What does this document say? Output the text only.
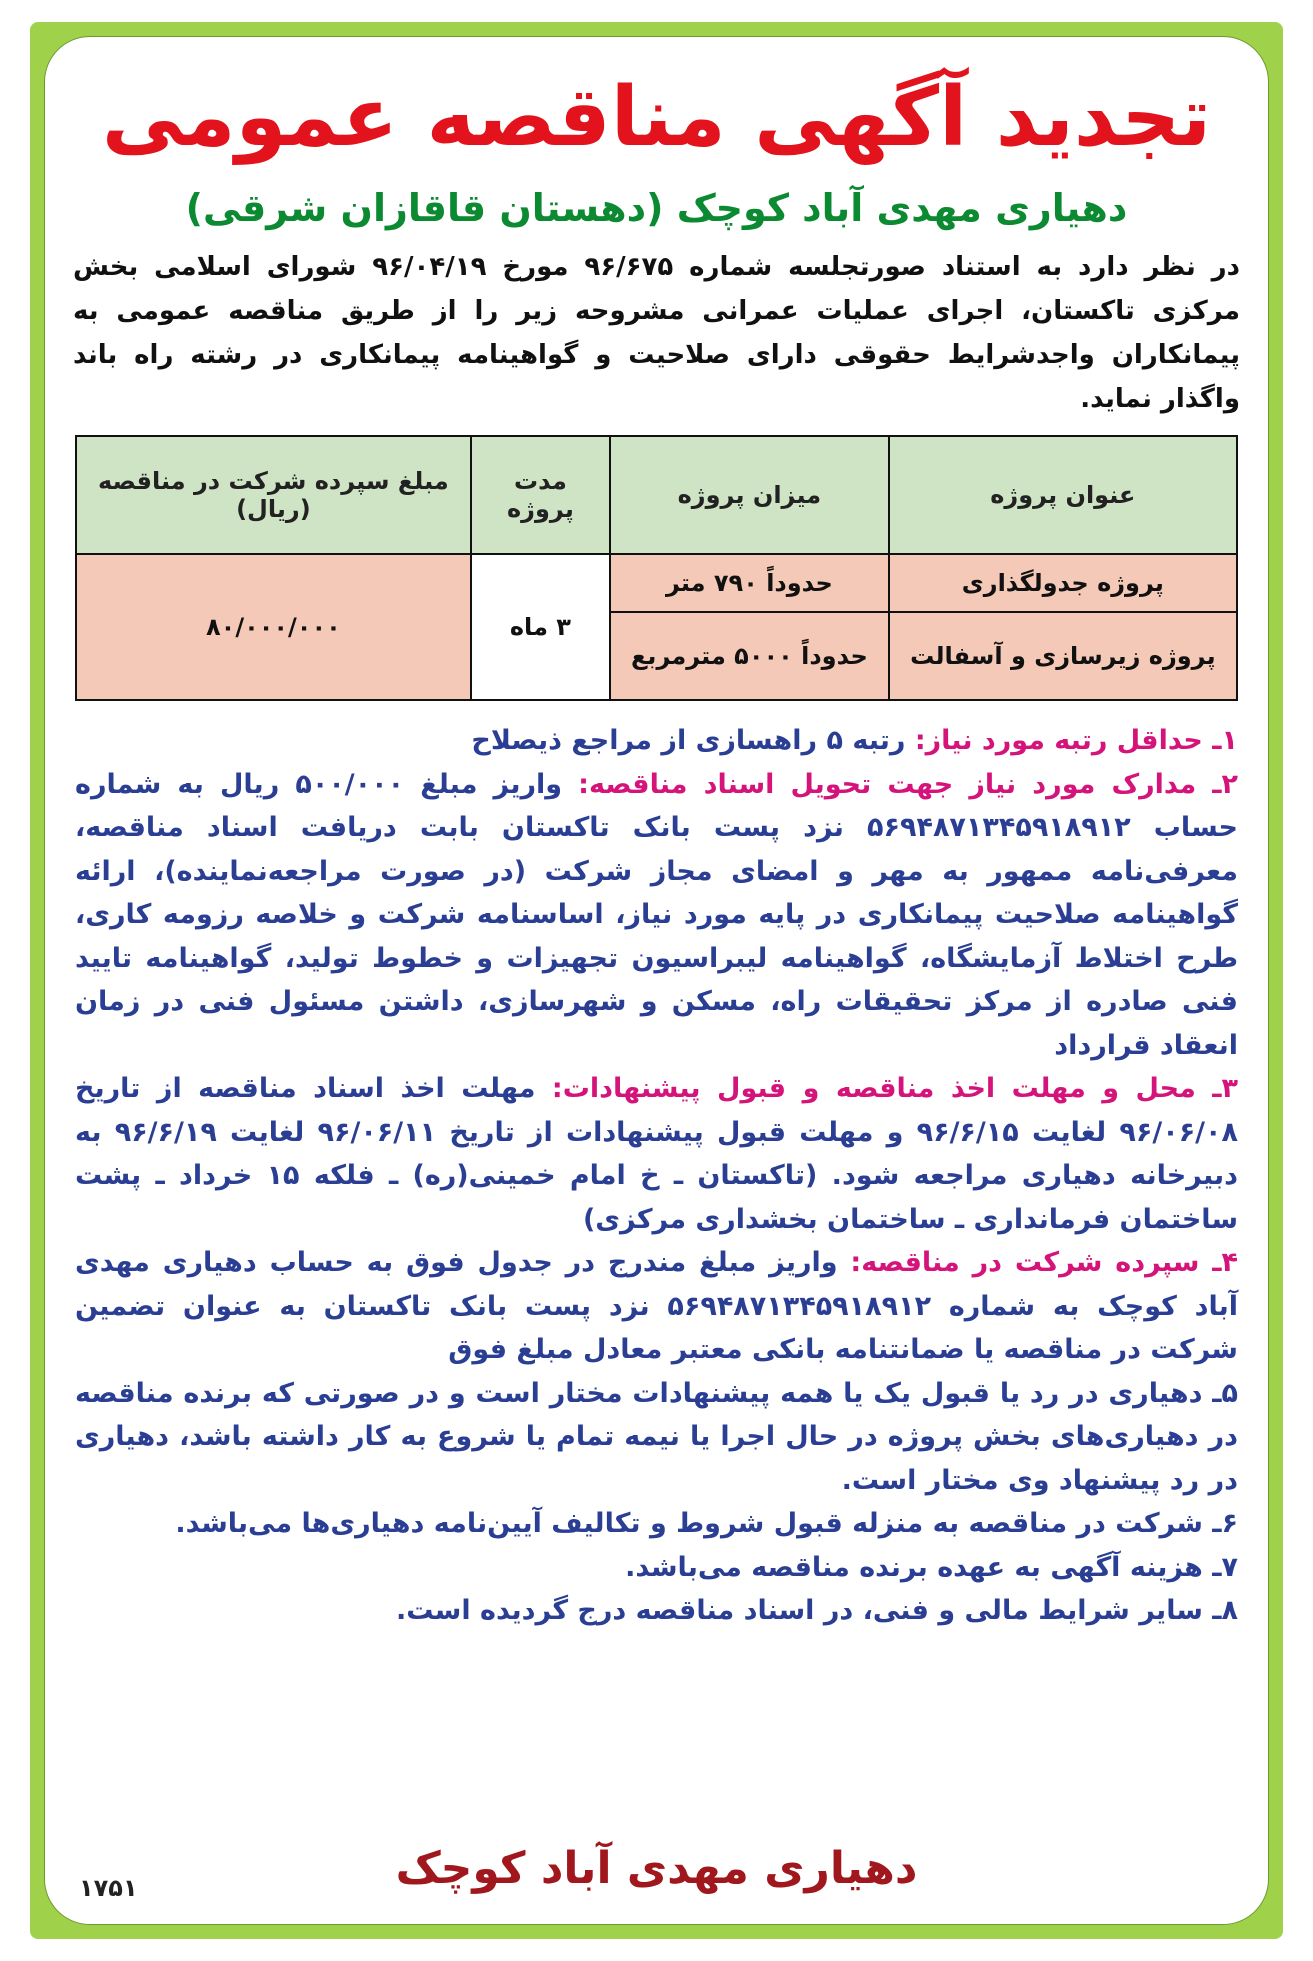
تجدید آگهی مناقصه عمومی
دهیاری مهدی آباد کوچک (دهستان قاقازان شرقی)

در نظر دارد به استناد صورتجلسه شماره ۹۶/۶۷۵ مورخ ۹۶/۰۴/۱۹ شورای اسلامی بخش مرکزی تاکستان، اجرای عملیات عمرانی مشروحه زیر را از طریق مناقصه عمومی به پیمانکاران واجدشرایط حقوقی دارای صلاحیت و گواهینامه پیمانکاری در رشته راه باند واگذار نماید.

عنوان پروژه	میزان پروژه	مدت پروژه	مبلغ سپرده شرکت در مناقصه (ریال)
پروژه جدولگذاری	حدوداً ۷۹۰ متر	۳ ماه	۸۰/۰۰۰/۰۰۰
پروژه زیرسازی و آسفالت	حدوداً ۵۰۰۰ مترمربع		

۱ـ حداقل رتبه مورد نیاز: رتبه ۵ راهسازی از مراجع ذیصلاح

۲ـ مدارک مورد نیاز جهت تحویل اسناد مناقصه: واریز مبلغ ۵۰۰/۰۰۰ ریال به شماره حساب ۵۶۹۴۸۷۱۳۴۵۹۱۸۹۱۲ نزد پست بانک تاکستان بابت دریافت اسناد مناقصه، معرفی‌نامه ممهور به مهر و امضای مجاز شرکت (در صورت مراجعه‌نماینده)، ارائه گواهینامه صلاحیت پیمانکاری در پایه مورد نیاز، اساسنامه شرکت و خلاصه رزومه کاری، طرح اختلاط آزمایشگاه، گواهینامه لیبراسیون تجهیزات و خطوط تولید، گواهینامه تایید فنی صادره از مرکز تحقیقات راه، مسکن و شهرسازی، داشتن مسئول فنی در زمان انعقاد قرارداد

۳ـ محل و مهلت اخذ مناقصه و قبول پیشنهادات: مهلت اخذ اسناد مناقصه از تاریخ ۹۶/۰۶/۰۸ لغایت ۹۶/۶/۱۵ و مهلت قبول پیشنهادات از تاریخ ۹۶/۰۶/۱۱ لغایت ۹۶/۶/۱۹ به دبیرخانه دهیاری مراجعه شود. (تاکستان ـ خ امام خمینی(ره) ـ فلکه ۱۵ خرداد ـ پشت ساختمان فرمانداری ـ ساختمان بخشداری مرکزی)

۴ـ سپرده شرکت در مناقصه: واریز مبلغ مندرج در جدول فوق به حساب دهیاری مهدی آباد کوچک به شماره ۵۶۹۴۸۷۱۳۴۵۹۱۸۹۱۲ نزد پست بانک تاکستان به عنوان تضمین شرکت در مناقصه یا ضمانتنامه بانکی معتبر معادل مبلغ فوق

۵ـ دهیاری در رد یا قبول یک یا همه پیشنهادات مختار است و در صورتی که برنده مناقصه در دهیاری‌های بخش پروژه در حال اجرا یا نیمه تمام یا شروع به کار داشته باشد، دهیاری در رد پیشنهاد وی مختار است.

۶ـ شرکت در مناقصه به منزله قبول شروط و تکالیف آیین‌نامه دهیاری‌ها می‌باشد.

۷ـ هزینه آگهی به عهده برنده مناقصه می‌باشد.

۸ـ سایر شرایط مالی و فنی، در اسناد مناقصه درج گردیده است.

دهیاری مهدی آباد کوچک
۱۷۵۱
